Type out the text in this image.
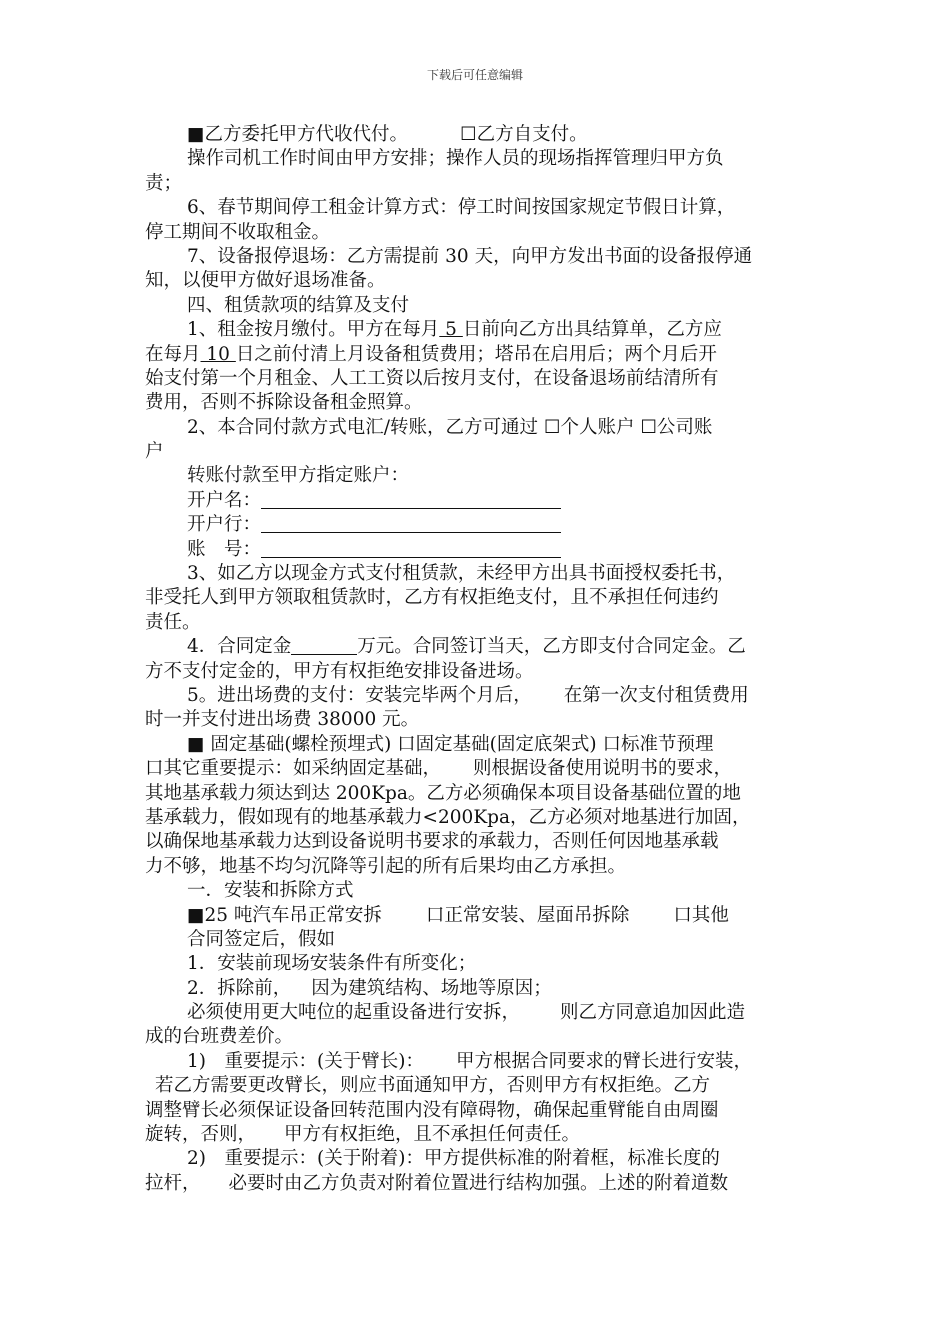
下载后可任意编辑
■乙方委托甲方代收代付。	☐乙方自支付。
操作司机工作时间由甲方安排；操作人员的现场指挥管理归甲方负
责；
6、春节期间停工租金计算方式：停工时间按国家规定节假日计算，
停工期间不收取租金。
7、设备报停退场：乙方需提前 30 天，向甲方发出书面的设备报停通
知，以便甲方做好退场准备。
四、租赁款项的结算及支付
1、租金按月缴付。甲方在每月 5 日前向乙方出具结算单，乙方应
在每月 10 日之前付清上月设备租赁费用；塔吊在启用后；两个月后开
始支付第一个月租金、人工工资以后按月支付，在设备退场前结清所有
费用，否则不拆除设备租金照算。
2、本合同付款方式电汇/转账，乙方可通过 ☐个人账户 ☐公司账
户
转账付款至甲方指定账户：
开户名：
开户行：
账　号：
3、如乙方以现金方式支付租赁款，未经甲方出具书面授权委托书，
非受托人到甲方领取租赁款时，乙方有权拒绝支付，且不承担任何违约
责任。
4．合同定金	万元。合同签订当天，乙方即支付合同定金。乙
方不支付定金的，甲方有权拒绝安排设备进场。
5。进出场费的支付：安装完毕两个月后， 在第一次支付租赁费用
时一并支付进出场费 38000 元。
■ 固定基础(螺栓预埋式) 口固定基础(固定底架式) 口标准节预理
口其它重要提示：如采纳固定基础， 则根据设备使用说明书的要求，
其地基承载力须达到达 200Kpa。乙方必须确保本项目设备基础位置的地
基承载力，假如现有的地基承载力<200Kpa，乙方必须对地基进行加固，
以确保地基承载力达到设备说明书要求的承载力，否则任何因地基承载
力不够，地基不均匀沉降等引起的所有后果均由乙方承担。
一．安装和拆除方式
■25 吨汽车吊正常安拆 口正常安装、屋面吊拆除 口其他
合同签定后，假如
1．安装前现场安装条件有所变化；
2．拆除前， 因为建筑结构、场地等原因；
必须使用更大吨位的起重设备进行安拆， 则乙方同意追加因此造
成的台班费差价。
1)　重要提示：(关于臂长)： 甲方根据合同要求的臂长进行安装，
若乙方需要更改臂长，则应书面通知甲方，否则甲方有权拒绝。乙方
调整臂长必须保证设备回转范围内没有障碍物，确保起重臂能自由周圈
旋转，否则， 甲方有权拒绝，且不承担任何责任。
2)　重要提示：(关于附着)：甲方提供标准的附着框，标准长度的
拉杆， 必要时由乙方负责对附着位置进行结构加强。上述的附着道数
